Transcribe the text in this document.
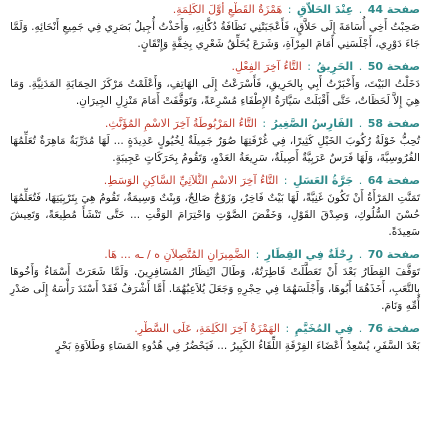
صفحة 44 . عِنْدَ الحَلاَّقِ : هَمْزَةُ القَطْعِ أَوَّلَ الكَلِمَةِ.

صَحِبْتُ أَخِي أُسَامَةَ إِلَى حَلاَّقٍ، فَأَعْجَبَتْنِي نَظَافَةُ دُكَّانِهِ، وَأَخَذْتُ أُجِيلُ بَصَرِي فِي جَمِيعِ أَنْحَائِهِ. وَلَمَّا جَاءَ دَوْرِي، أَجْلَسَنِي أَمَامَ المِرْآةِ، وَشَرَعَ يُحَلِّقُ شَعْرِي بِخِفَّةٍ وَإِتْقَانٍ.

صفحة 50 . الحَرِيقُ : التَّاءُ آخِرَ الفِعْلِ.

دَخَلْتُ البَيْتَ، وَأَخْبَرْتُ أَبِي بِالحَرِيقِ، فَأَسْرَعْتُ إِلَى الهَاتِفِ، وَأَعْلَمْتُ مَرْكَزَ الحِمَايَةِ المَدَنِيَّةِ. وَمَا هِيَ إِلاَّ لَحَظَاتٌ، حَتَّى أَقْبَلَتْ سَيَّارَةُ الإِطْفَاءِ مُسْرِعَةً، وَتَوَقَّفَتْ أَمَامَ مَنْزِلِ الجِيرَانِ.

صفحة 58 . الفَارِسُ الصَّغِيرُ : التَّاءُ المَرْبُوطَةُ آخِرَ الاسْمِ المُؤَنَّثِ.

تُحِبُّ خَوْلَةُ رُكُوبَ الخَيْلِ كَثِيرًا، فِي غُرْفَتِهَا صُوَرٌ جَمِيلَةٌ لِخُيُولٍ عَدِيدَةٍ ... لَهَا مُدَرِّبَةٌ مَاهِرَةٌ تُعَلِّمُهَا الفُرُوسِيَّةَ، وَلَهَا فَرَسٌ عَرَبِيَّةٌ أَصِيلَةٌ، سَرِيعَةُ العَدْوِ، وَتَقُومُ بِحَرَكَاتٍ عَجِيبَةٍ.

صفحة 64 . جَرَّةُ العَسَلِ : التَّاءُ آخِرَ الاسْمِ الثُّلاَثِيِّ السَّاكِنِ الوَسَطِ.

تَمَنَّتِ المَرْأَةُ أَنْ تَكُونَ غَنِيَّةً، لَهَا بَيْتٌ فَاخِرٌ، وَزَوْجٌ صَالِحٌ، وَبِنْتٌ وَسِيمَةٌ، تَقُومُ هِيَ بِتَرْبِيَتِهَا، فَتُعَلِّمُهَا حُسْنَ السُّلُوكِ، وَصِدْقَ القَوْلِ، وَخَفْضَ الصَّوْتِ وَاحْتِرَامَ الوَقْتِ ... حَتَّى تَنْشَأَ مُطِيعَةً، وَتَعِيشَ سَعِيدَةً.

صفحة 70 . رِحْلَةٌ فِي القِطَارِ : الضَّمِيرَانِ المُتَّصِلاَنِ ه / ـه ... هَا.

تَوَقَّفَ القِطَارُ بَعْدَ أَنْ تَعَطَّلَتْ قَاطِرَتُهُ، وَطَالَ انْتِظَارُ المُسَافِرِينَ. وَلَمَّا شَعَرَتْ أَسْمَاءُ وَأَخُوهَا بِالتَّعَبِ، أَخَذَهُمَا أَبُوهَا، وَأَجْلَسَهُمَا فِي حِجْرِهِ وَجَعَلَ يُلاَعِبُهُمَا. أَمَّا أَشْرَفُ فَقَدْ أَسْنَدَ رَأْسَهُ إِلَى صَدْرِ أُمِّهِ وَنَامَ.

صفحة 76 . فِي المُخَيَّمِ : الهَمْزَةُ آخِرَ الكَلِمَةِ، عَلَى السَّطْرِ.

بَعْدَ السَّفَرِ، يُسْعِدُ أَعْضَاءَ الفِرْقَةِ اللِّقَاءُ الكَبِيرُ ... فَيَحْضُرُ فِي هُدُوءِ المَسَاءِ وَطَلاَوَةِ بَحْرٍ
